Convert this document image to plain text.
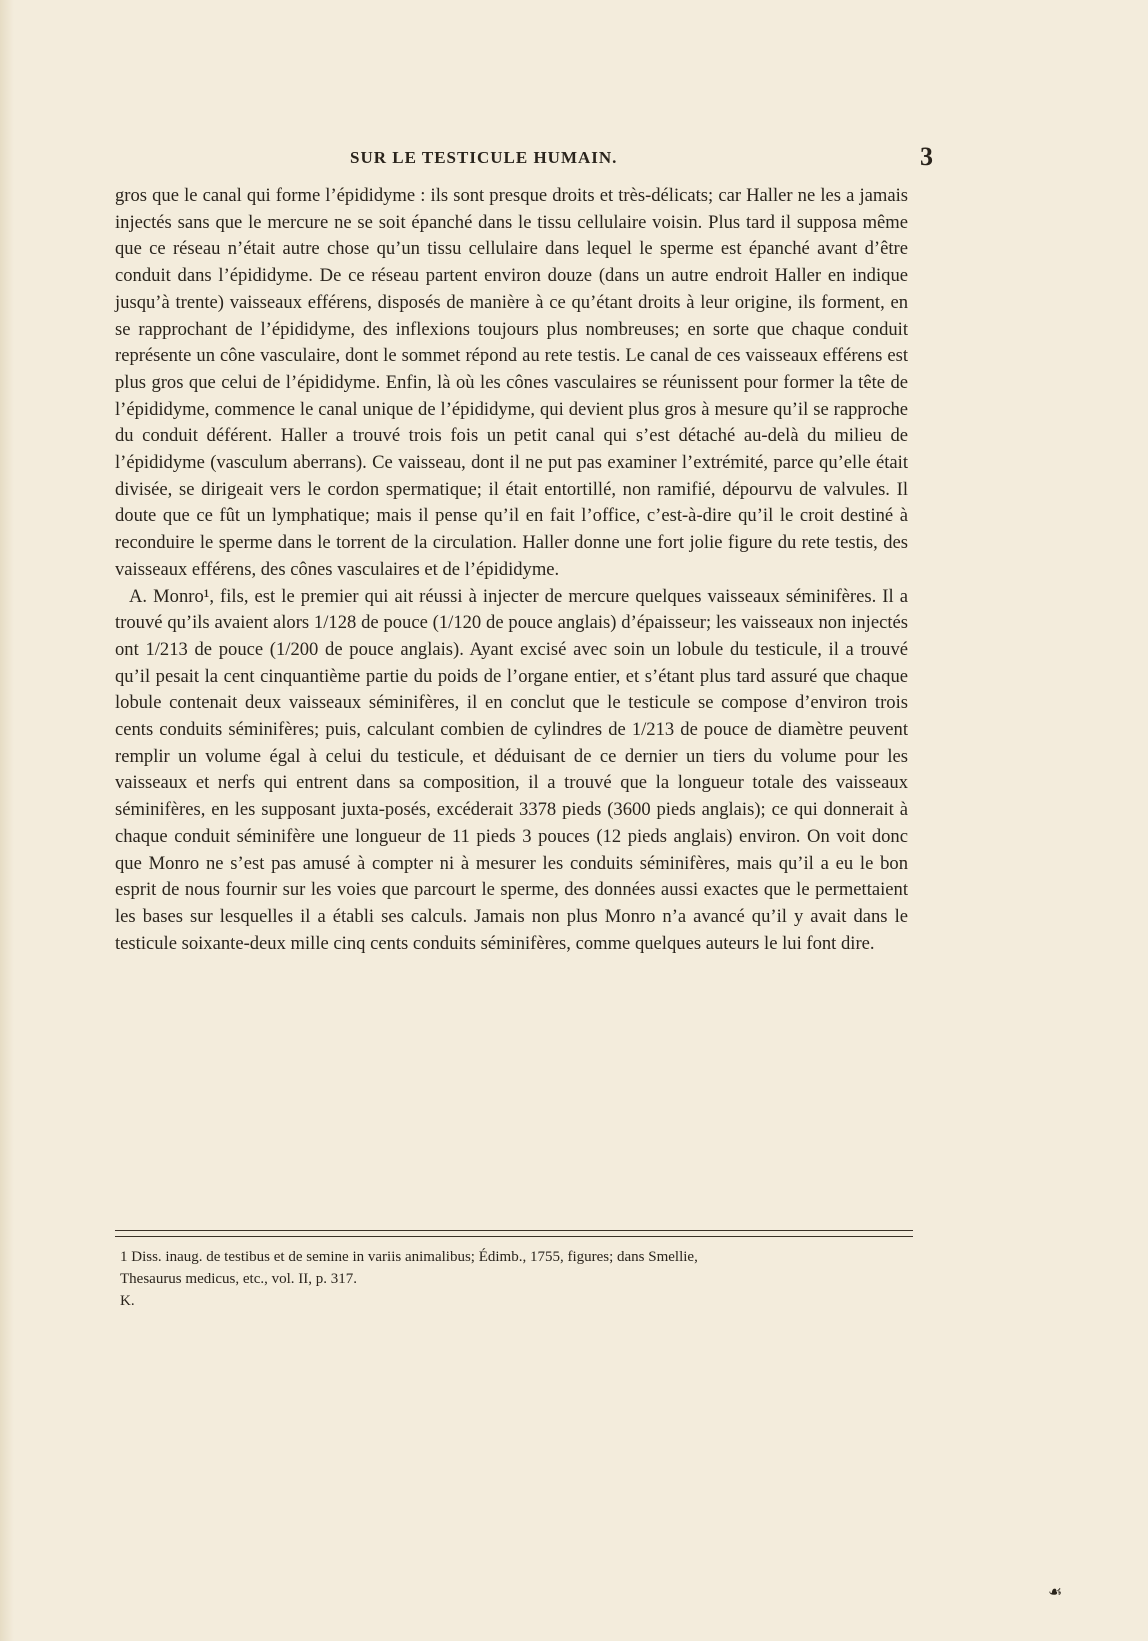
SUR LE TESTICULE HUMAIN.	3

gros que le canal qui forme l’épididyme : ils sont presque droits et très-délicats; car Haller ne les a jamais injectés sans que le mercure ne se soit épanché dans le tissu cellulaire voisin. Plus tard il supposa même que ce réseau n’était autre chose qu’un tissu cellulaire dans lequel le sperme est épanché avant d’être conduit dans l’épididyme. De ce réseau partent environ douze (dans un autre endroit Haller en indique jusqu’à trente) vaisseaux efférens, disposés de manière à ce qu’étant droits à leur origine, ils forment, en se rapprochant de l’épididyme, des inflexions toujours plus nombreuses; en sorte que chaque conduit représente un cône vasculaire, dont le sommet répond au rete testis. Le canal de ces vaisseaux efférens est plus gros que celui de l’épididyme. Enfin, là où les cônes vasculaires se réunissent pour former la tête de l’épididyme, commence le canal unique de l’épididyme, qui devient plus gros à mesure qu’il se rapproche du conduit déférent. Haller a trouvé trois fois un petit canal qui s’est détaché au-delà du milieu de l’épididyme (vasculum aberrans). Ce vaisseau, dont il ne put pas examiner l’extrémité, parce qu’elle était divisée, se dirigeait vers le cordon spermatique; il était entortillé, non ramifié, dépourvu de valvules. Il doute que ce fût un lymphatique; mais il pense qu’il en fait l’office, c’est-à-dire qu’il le croit destiné à reconduire le sperme dans le torrent de la circulation. Haller donne une fort jolie figure du rete testis, des vaisseaux efférens, des cônes vasculaires et de l’épididyme.

A. Monro¹, fils, est le premier qui ait réussi à injecter de mercure quelques vaisseaux séminifères. Il a trouvé qu’ils avaient alors 1/128 de pouce (1/120 de pouce anglais) d’épaisseur; les vaisseaux non injectés ont 1/213 de pouce (1/200 de pouce anglais). Ayant excisé avec soin un lobule du testicule, il a trouvé qu’il pesait la cent cinquantième partie du poids de l’organe entier, et s’étant plus tard assuré que chaque lobule contenait deux vaisseaux séminifères, il en conclut que le testicule se compose d’environ trois cents conduits séminifères; puis, calculant combien de cylindres de 1/213 de pouce de diamètre peuvent remplir un volume égal à celui du testicule, et déduisant de ce dernier un tiers du volume pour les vaisseaux et nerfs qui entrent dans sa composition, il a trouvé que la longueur totale des vaisseaux séminifères, en les supposant juxta-posés, excéderait 3378 pieds (3600 pieds anglais); ce qui donnerait à chaque conduit séminifère une longueur de 11 pieds 3 pouces (12 pieds anglais) environ. On voit donc que Monro ne s’est pas amusé à compter ni à mesurer les conduits séminifères, mais qu’il a eu le bon esprit de nous fournir sur les voies que parcourt le sperme, des données aussi exactes que le permettaient les bases sur lesquelles il a établi ses calculs. Jamais non plus Monro n’a avancé qu’il y avait dans le testicule soixante-deux mille cinq cents conduits séminifères, comme quelques auteurs le lui font dire.

1 Diss. inaug. de testibus et de semine in variis animalibus; Édimb., 1755, figures; dans Smellie,

Thesaurus medicus, etc., vol. II, p. 317.

K.

☙
